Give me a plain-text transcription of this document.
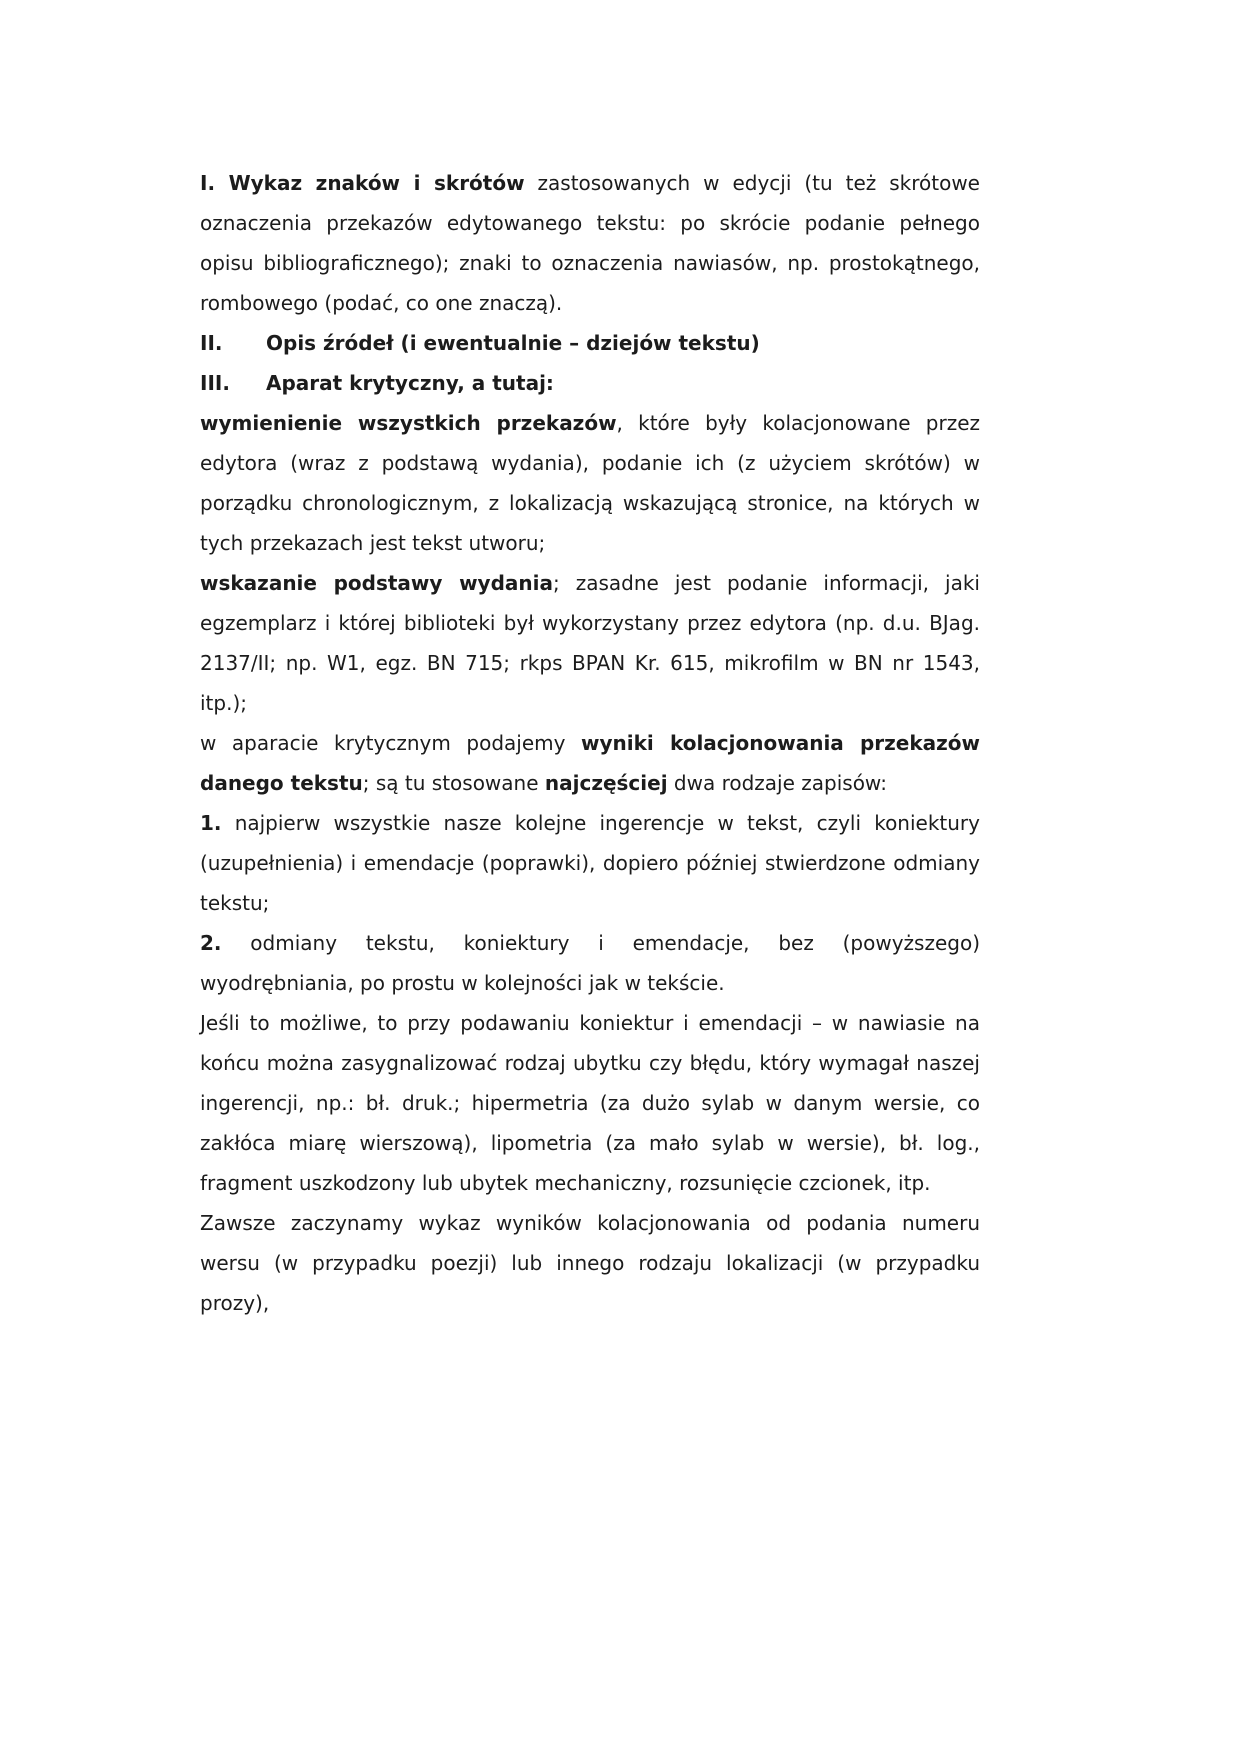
I. Wykaz znaków i skrótów zastosowanych w edycji (tu też skrótowe oznaczenia przekazów edytowanego tekstu: po skrócie podanie pełnego opisu bibliograficznego); znaki to oznaczenia nawiasów, np. prostokątnego, rombowego (podać, co one znaczą).

II. Opis źródeł (i ewentualnie – dziejów tekstu)

III. Aparat krytyczny, a tutaj:

wymienienie wszystkich przekazów, które były kolacjonowane przez edytora (wraz z podstawą wydania), podanie ich (z użyciem skrótów) w porządku chronologicznym, z lokalizacją wskazującą stronice, na których w tych przekazach jest tekst utworu;

wskazanie podstawy wydania; zasadne jest podanie informacji, jaki egzemplarz i której biblioteki był wykorzystany przez edytora (np. d.u. BJag. 2137/II; np. W1, egz. BN 715; rkps BPAN Kr. 615, mikrofilm w BN nr 1543, itp.);

w aparacie krytycznym podajemy wyniki kolacjonowania przekazów danego tekstu; są tu stosowane najczęściej dwa rodzaje zapisów:

1. najpierw wszystkie nasze kolejne ingerencje w tekst, czyli koniektury (uzupełnienia) i emendacje (poprawki), dopiero później stwierdzone odmiany tekstu;

2. odmiany tekstu, koniektury i emendacje, bez (powyższego) wyodrębniania, po prostu w kolejności jak w tekście.

Jeśli to możliwe, to przy podawaniu koniektur i emendacji – w nawiasie na końcu można zasygnalizować rodzaj ubytku czy błędu, który wymagał naszej ingerencji, np.: bł. druk.; hipermetria (za dużo sylab w danym wersie, co zakłóca miarę wierszową), lipometria (za mało sylab w wersie), bł. log., fragment uszkodzony lub ubytek mechaniczny, rozsunięcie czcionek, itp.

Zawsze zaczynamy wykaz wyników kolacjonowania od podania numeru wersu (w przypadku poezji) lub innego rodzaju lokalizacji (w przypadku prozy),
